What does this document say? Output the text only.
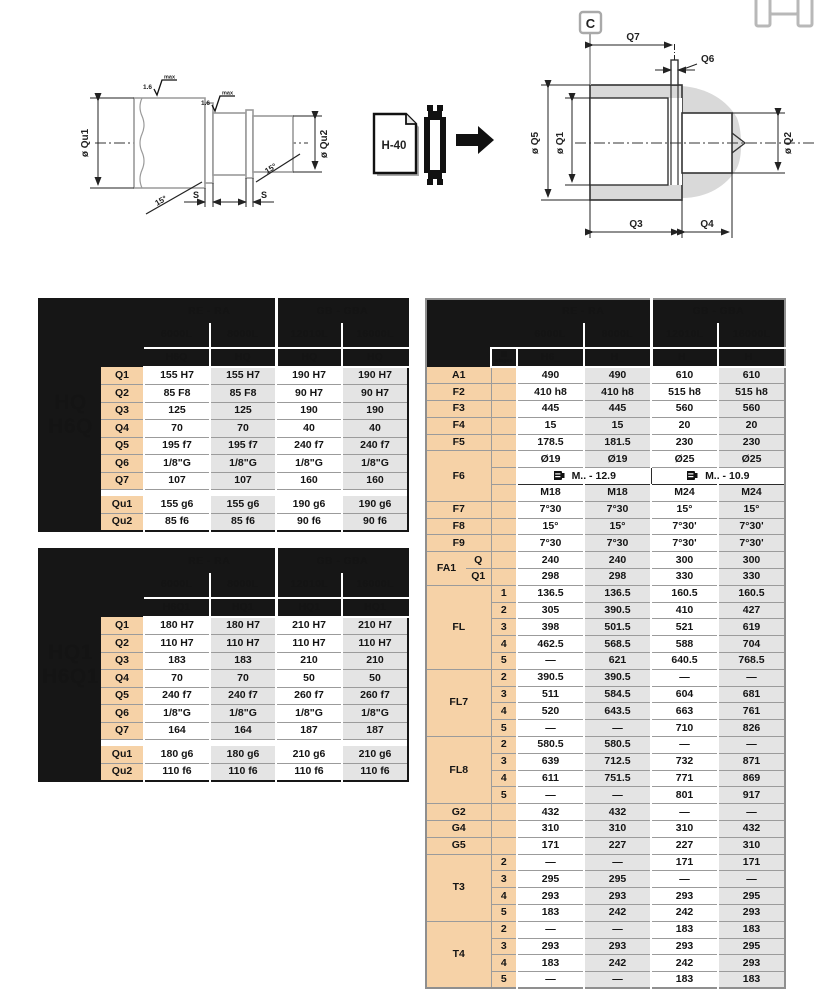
ø Qu1	ø Qu2
S	S
15°
15°
1.6
max
1.6
max
H-40
C
Q7
Q6
ø Q5 ø Q1	ø Q2
Q3	Q4
HQ
H6Q		RE - RA		GB - GBA	
		6000L	8000L	12010L	16000L
		H6Q	HQ	HQ	HQ
	Q1	155 H7	155 H7	190 H7	190 H7
	Q2	85 F8	85 F8	90 H7	90 H7
	Q3	125	125	190	190
	Q4	70	70	40	40
	Q5	195 f7	195 f7	240 f7	240 f7
	Q6	1/8"G	1/8"G	1/8"G	1/8"G
	Q7	107	107	160	160

	Qu1	155 g6	155 g6	190 g6	190 g6
	Qu2	85 f6	85 f6	90 f6	90 f6
HQ1
H6Q1		RE - RA		GB - GBA	
		6000L	8000L	12010L	16000L
		H6Q1	HQ1	HQ1	HQ1
	Q1	180 H7	180 H7	210 H7	210 H7
	Q2	110 H7	110 H7	110 H7	110 H7
	Q3	183	183	210	210
	Q4	70	70	50	50
	Q5	240 f7	240 f7	260 f7	260 f7
	Q6	1/8"G	1/8"G	1/8"G	1/8"G
	Q7	164	164	187	187

	Qu1	180 g6	180 g6	210 g6	210 g6
	Qu2	110 f6	110 f6	110 f6	110 f6
			RE - RA		GB - GBA	
			6000L	8000L	12010L	16000L

		▦
stages	H6_	H_	H_	H_
A1			490	490	610	610
F2			410 h8	410 h8	515 h8	515 h8
F3			445	445	560	560
F4			15	15	20	20
F5			178.5	181.5	230	230
F6			Ø19	Ø19	Ø25	Ø25
			M.. - 12.9		M.. - 10.9	
			M18	M18	M24	M24
F7			7°30	7°30	15°	15°
F8			15°	15°	7°30'	7°30'
F9			7°30	7°30	7°30'	7°30'
FA1	Q		240	240	300	300
	Q1		298	298	330	330
FL		1	136.5	136.5	160.5	160.5
		2	305	390.5	410	427
		3	398	501.5	521	619
		4	462.5	568.5	588	704
		5	—	621	640.5	768.5
FL7		2	390.5	390.5	—	—
		3	511	584.5	604	681
		4	520	643.5	663	761
		5	—	—	710	826
FL8		2	580.5	580.5	—	—
		3	639	712.5	732	871
		4	611	751.5	771	869
		5	—	—	801	917
G2			432	432	—	—
G4			310	310	310	432
G5			171	227	227	310
T3		2	—	—	171	171
		3	295	295	—	—
		4	293	293	293	295
		5	183	242	242	293
T4		2	—	—	183	183
		3	293	293	293	295
		4	183	242	242	293
		5	—	—	183	183
